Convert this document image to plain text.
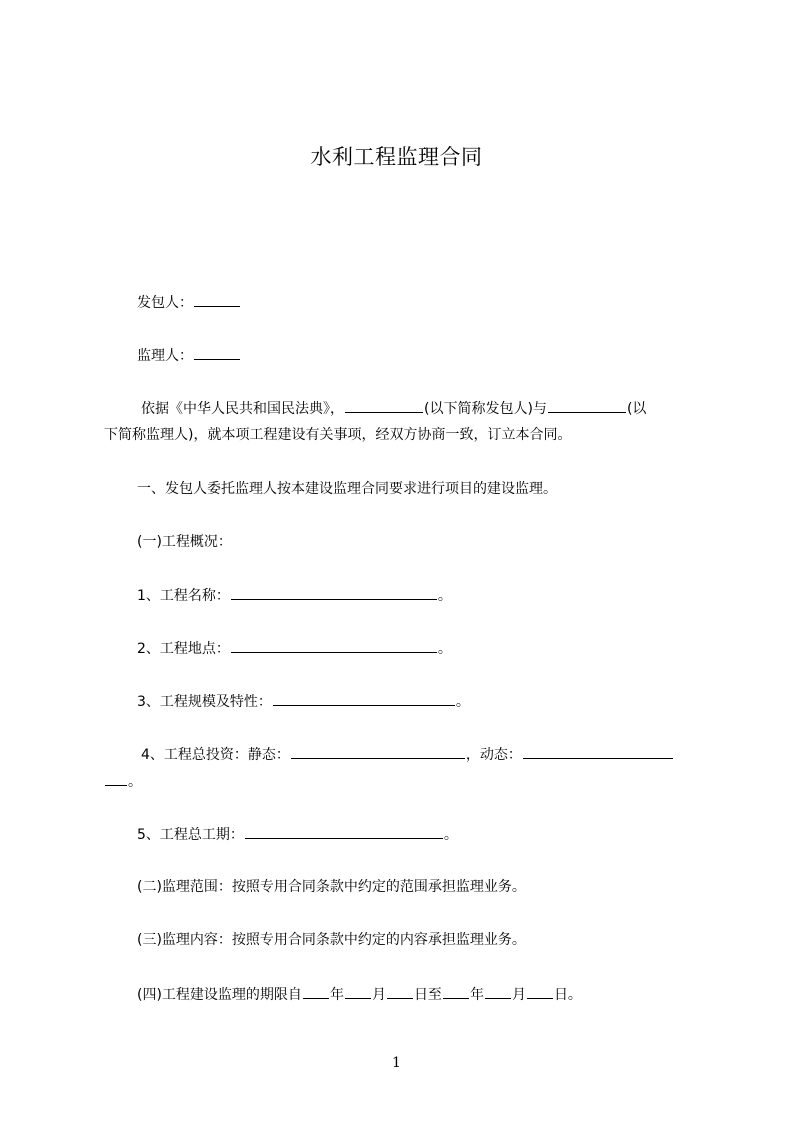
水利工程监理合同
发包人：
监理人：
依据《中华人民共和国民法典》，	(以下简称发包人)与	(以
下简称监理人)，就本项工程建设有关事项，经双方协商一致，订立本合同。
一、发包人委托监理人按本建设监理合同要求进行项目的建设监理。
(一)工程概况：
1、工程名称：	。
2、工程地点：	。
3、工程规模及特性：	。
4、工程总投资：静态：	，动态：
。
5、工程总工期：	。
(二)监理范围：按照专用合同条款中约定的范围承担监理业务。
(三)监理内容：按照专用合同条款中约定的内容承担监理业务。
(四)工程建设监理的期限自 年 月 日至 年 月 日。
1
